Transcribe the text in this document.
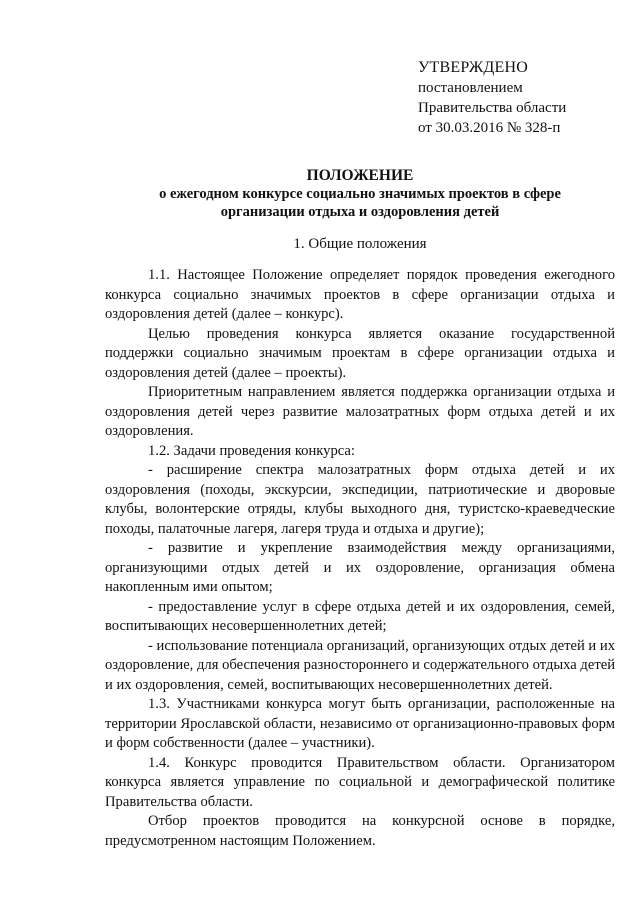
УТВЕРЖДЕНО
постановлением
Правительства области
от 30.03.2016 № 328-п
ПОЛОЖЕНИЕ
о ежегодном конкурсе социально значимых проектов в сфере
организации отдыха и оздоровления детей
1. Общие положения

1.1. Настоящее Положение определяет порядок проведения ежегодного конкурса социально значимых проектов в сфере организации отдыха и оздоровления детей (далее – конкурс).

Целью проведения конкурса является оказание государственной поддержки социально значимым проектам в сфере организации отдыха и оздоровления детей (далее – проекты).

Приоритетным направлением является поддержка организации отдыха и оздоровления детей через развитие малозатратных форм отдыха детей и их оздоровления.

1.2. Задачи проведения конкурса:

- расширение спектра малозатратных форм отдыха детей и их оздоровления (походы, экскурсии, экспедиции, патриотические и дворовые клубы, волонтерские отряды, клубы выходного дня, туристско-краеведческие походы, палаточные лагеря, лагеря труда и отдыха и другие);

- развитие и укрепление взаимодействия между организациями, организующими отдых детей и их оздоровление, организация обмена накопленным ими опытом;

- предоставление услуг в сфере отдыха детей и их оздоровления, семей, воспитывающих несовершеннолетних детей;

- использование потенциала организаций, организующих отдых детей и их оздоровление, для обеспечения разностороннего и содержательного отдыха детей и их оздоровления, семей, воспитывающих несовершеннолетних детей.

1.3. Участниками конкурса могут быть организации, расположенные на территории Ярославской области, независимо от организационно-правовых форм и форм собственности (далее – участники).

1.4. Конкурс проводится Правительством области. Организатором конкурса является управление по социальной и демографической политике Правительства области.

Отбор проектов проводится на конкурсной основе в порядке, предусмотренном настоящим Положением.
